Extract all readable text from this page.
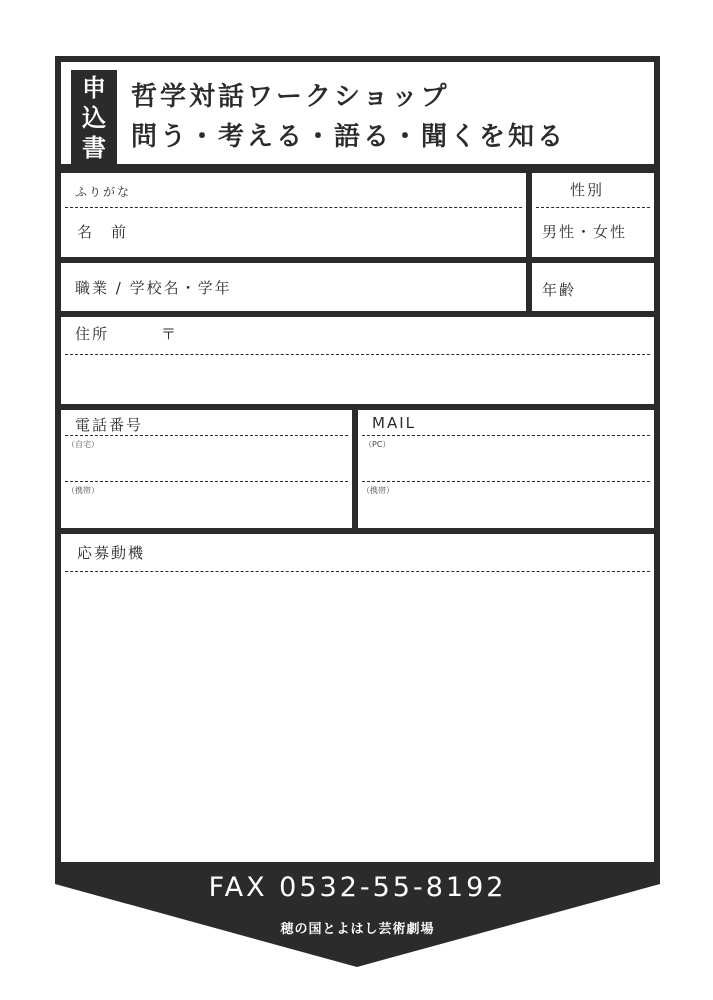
申
込
書
哲学対話ワークショップ
問う・考える・語る・聞くを知る
ふりがな
名　前
性別
男性・女性
職業 / 学校名・学年	年齢
住所	〒
電話番号
（自宅）
（携帯）
MAIL
（PC）
（携帯）
応募動機
FAX 0532-55-8192
穂の国とよはし芸術劇場
